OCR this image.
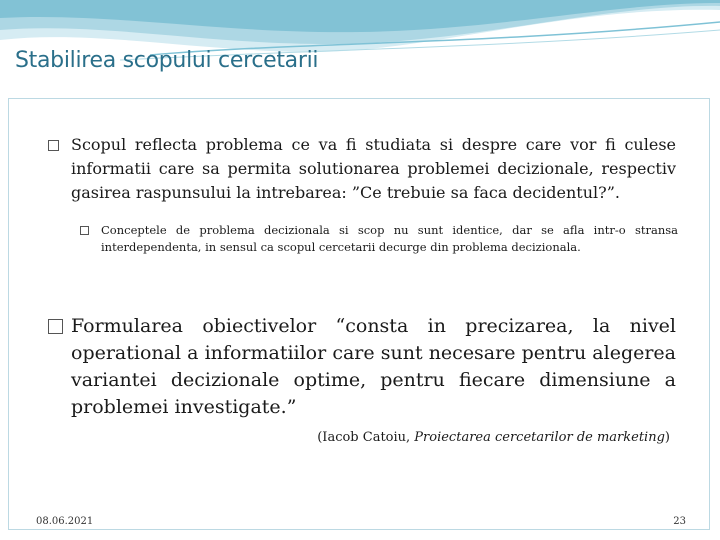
Stabilirea scopului cercetarii

Scopul reflecta problema ce va fi studiata si despre care vor fi culese informatii care sa permita solutionarea problemei decizionale, respectiv gasirea raspunsului la intrebarea: ”Ce trebuie sa faca decidentul?”.

Conceptele de problema decizionala si scop nu sunt identice, dar se afla intr-o stransa interdependenta, in sensul ca scopul cercetarii decurge din problema decizionala.

Formularea obiectivelor “consta in precizarea, la nivel operational a informatiilor care sunt necesare pentru alegerea variantei decizionale optime, pentru fiecare dimensiune a problemei investigate.”

(Iacob Catoiu, Proiectarea cercetarilor de marketing)

08.06.2021	23
